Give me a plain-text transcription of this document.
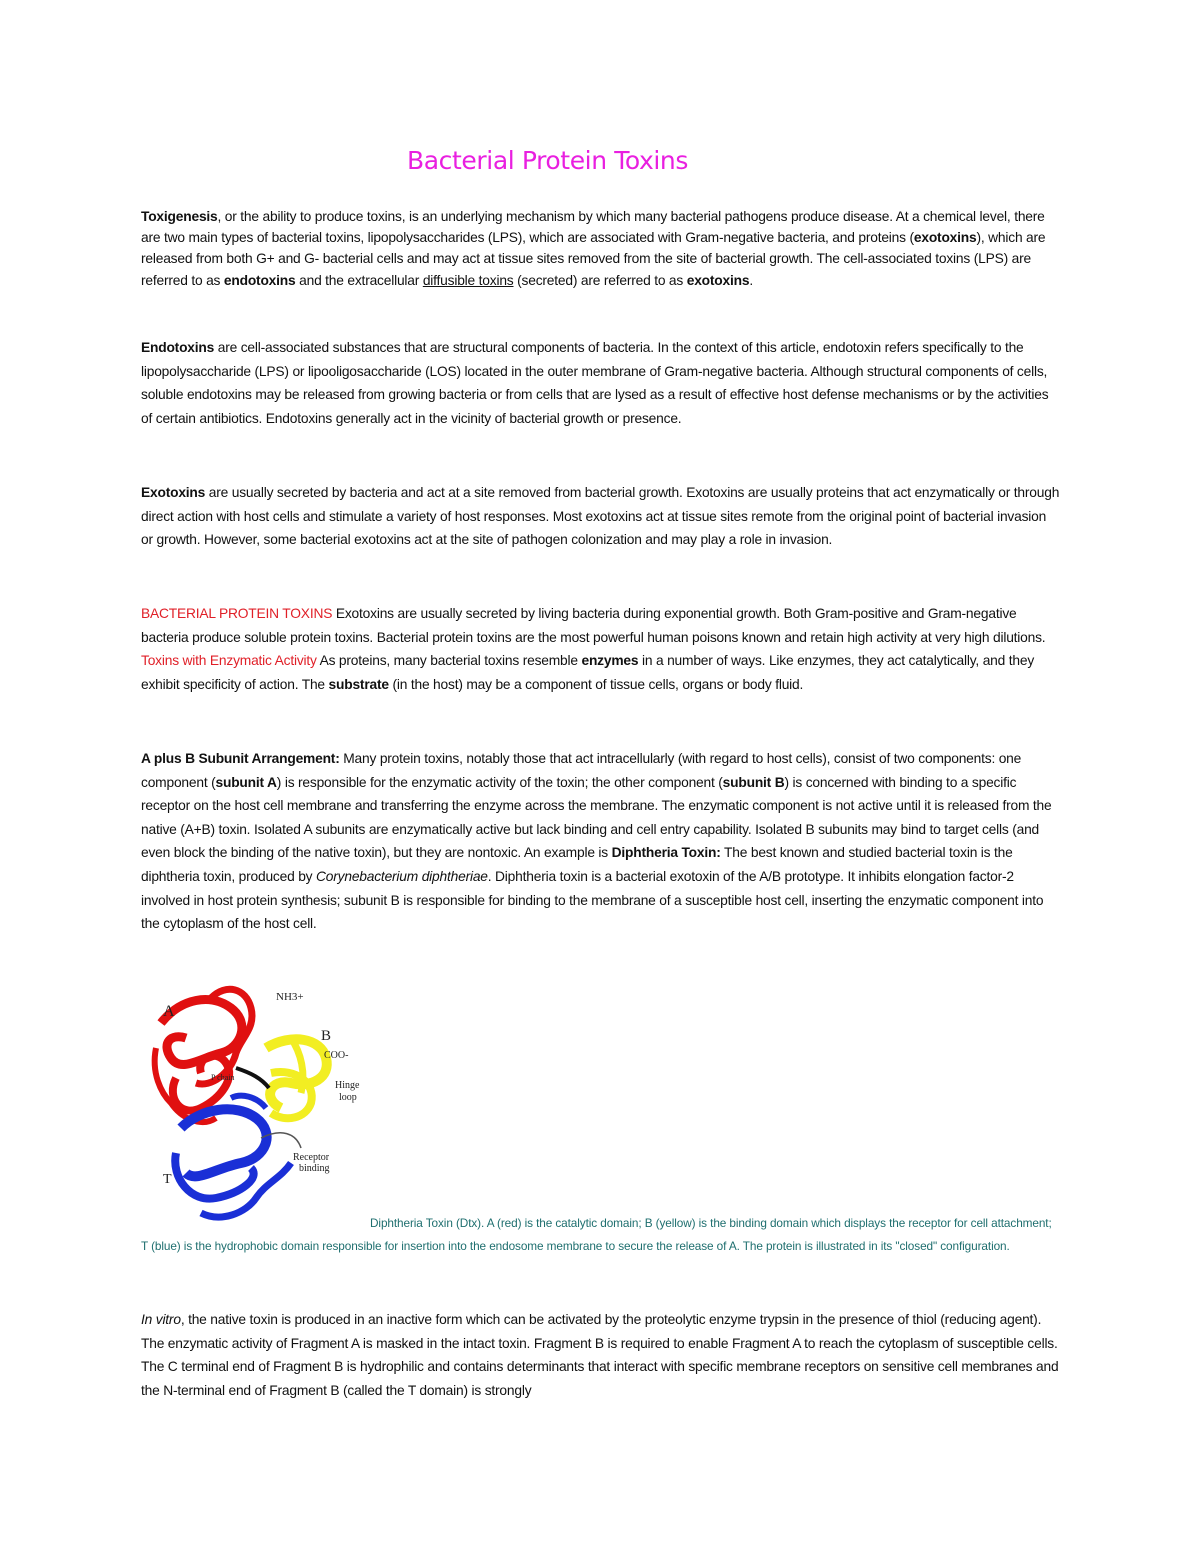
Bacterial Protein Toxins

Toxigenesis, or the ability to produce toxins, is an underlying mechanism by which many bacterial pathogens produce disease. At a chemical level, there are two main types of bacterial toxins, lipopolysaccharides (LPS), which are associated with Gram-negative bacteria, and proteins (exotoxins), which are released from both G+ and G- bacterial cells and may act at tissue sites removed from the site of bacterial growth. The cell-associated toxins (LPS) are referred to as endotoxins and the extracellular diffusible toxins (secreted) are referred to as exotoxins.

Endotoxins are cell-associated substances that are structural components of bacteria. In the context of this article, endotoxin refers specifically to the lipopolysaccharide (LPS) or lipooligosaccharide (LOS) located in the outer membrane of Gram-negative bacteria. Although structural components of cells, soluble endotoxins may be released from growing bacteria or from cells that are lysed as a result of effective host defense mechanisms or by the activities of certain antibiotics. Endotoxins generally act in the vicinity of bacterial growth or presence.

Exotoxins are usually secreted by bacteria and act at a site removed from bacterial growth. Exotoxins are usually proteins that act enzymatically or through direct action with host cells and stimulate a variety of host responses. Most exotoxins act at tissue sites remote from the original point of bacterial invasion or growth. However, some bacterial exotoxins act at the site of pathogen colonization and may play a role in invasion.

BACTERIAL PROTEIN TOXINS Exotoxins are usually secreted by living bacteria during exponential growth. Both Gram-positive and Gram-negative bacteria produce soluble protein toxins. Bacterial protein toxins are the most powerful human poisons known and retain high activity at very high dilutions.
Toxins with Enzymatic Activity As proteins, many bacterial toxins resemble enzymes in a number of ways. Like enzymes, they act catalytically, and they exhibit specificity of action. The substrate (in the host) may be a component of tissue cells, organs or body fluid.

A plus B Subunit Arrangement: Many protein toxins, notably those that act intracellularly (with regard to host cells), consist of two components: one component (subunit A) is responsible for the enzymatic activity of the toxin; the other component (subunit B) is concerned with binding to a specific receptor on the host cell membrane and transferring the enzyme across the membrane. The enzymatic component is not active until it is released from the native (A+B) toxin. Isolated A subunits are enzymatically active but lack binding and cell entry capability. Isolated B subunits may bind to target cells (and even block the binding of the native toxin), but they are nontoxic. An example is Diphtheria Toxin: The best known and studied bacterial toxin is the diphtheria toxin, produced by Corynebacterium diphtheriae. Diphtheria toxin is a bacterial exotoxin of the A/B prototype. It inhibits elongation factor-2 involved in host protein synthesis; subunit B is responsible for binding to the membrane of a susceptible host cell, inserting the enzymatic component into the cytoplasm of the host cell.

A
NH3+
B
COO-
P chain
Hinge
loop
Receptor
binding
T

Diphtheria Toxin (Dtx). A (red) is the catalytic domain; B (yellow) is the binding domain which displays the receptor for cell attachment; T (blue) is the hydrophobic domain responsible for insertion into the endosome membrane to secure the release of A. The protein is illustrated in its "closed" configuration.

In vitro, the native toxin is produced in an inactive form which can be activated by the proteolytic enzyme trypsin in the presence of thiol (reducing agent). The enzymatic activity of Fragment A is masked in the intact toxin. Fragment B is required to enable Fragment A to reach the cytoplasm of susceptible cells. The C terminal end of Fragment B is hydrophilic and contains determinants that interact with specific membrane receptors on sensitive cell membranes and the N-terminal end of Fragment B (called the T domain) is strongly
